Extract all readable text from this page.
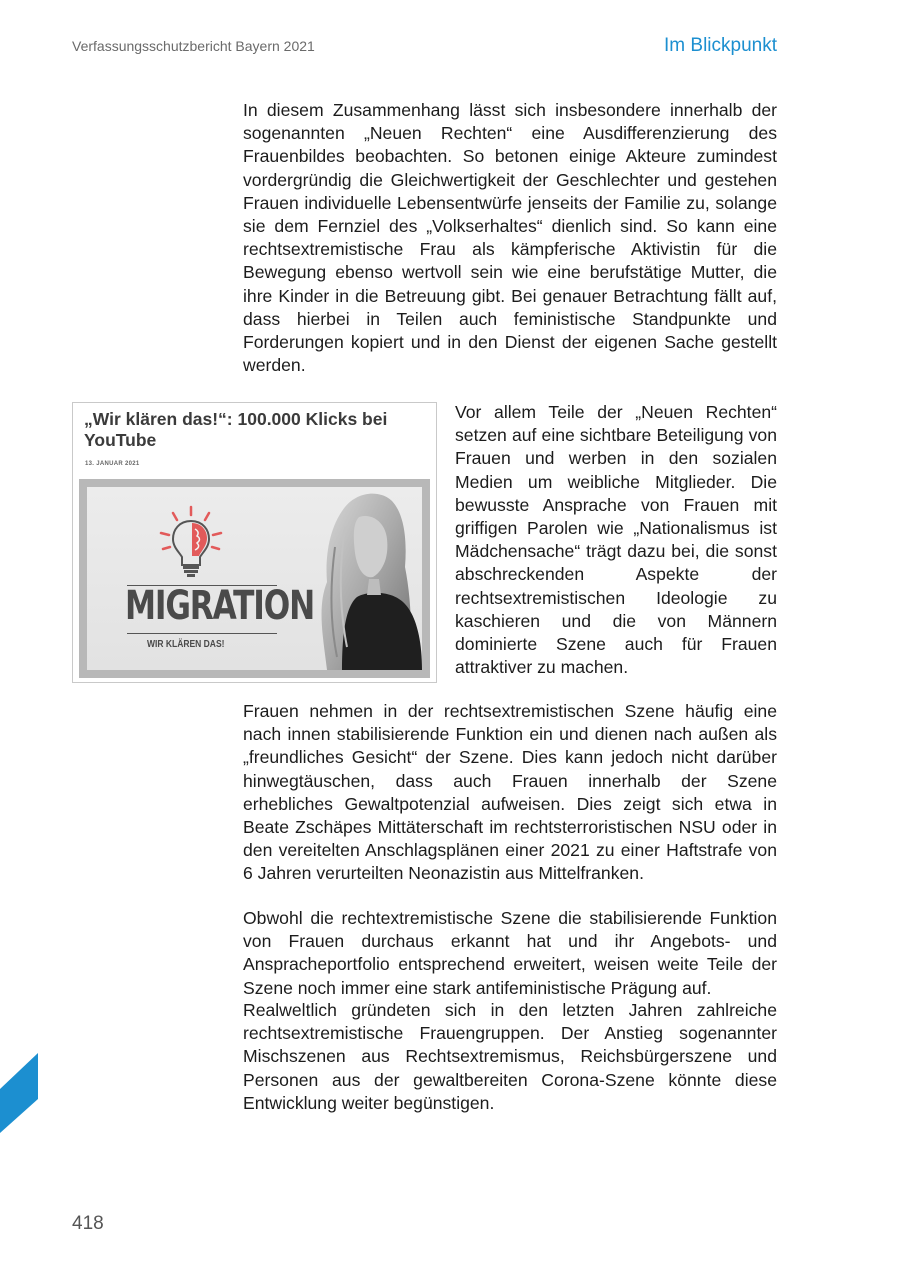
Verfassungsschutzbericht Bayern 2021	Im Blickpunkt

In diesem Zusammenhang lässt sich insbesondere innerhalb der sogenannten „Neuen Rechten“ eine Ausdifferenzierung des Frauenbildes beobachten. So betonen einige Akteure zumindest vordergründig die Gleichwertigkeit der Geschlechter und gestehen Frauen individuelle Lebensentwürfe jenseits der Familie zu, solange sie dem Fernziel des „Volkserhaltes“ dienlich sind. So kann eine rechtsextremistische Frau als kämpferische Aktivistin für die Bewegung ebenso wertvoll sein wie eine berufstätige Mutter, die ihre Kinder in die Betreuung gibt. Bei genauer Betrachtung fällt auf, dass hierbei in Teilen auch feministische Standpunkte und Forderungen kopiert und in den Dienst der eigenen Sache gestellt werden.

„Wir klären das!“: 100.000 Klicks bei YouTube
13. JANUAR 2021
MIGRATION
WIR KLÄREN DAS!

Vor allem Teile der „Neuen Rechten“ setzen auf eine sichtbare Beteiligung von Frauen und werben in den sozialen Medien um weibliche Mitglieder. Die bewusste Ansprache von Frauen mit griffigen Parolen wie „Nationalismus ist Mädchensache“ trägt dazu bei, die sonst abschreckenden Aspekte der rechtsextremistischen Ideologie zu kaschieren und die von Männern dominierte Szene auch für Frauen attraktiver zu machen.

Frauen nehmen in der rechtsextremistischen Szene häufig eine nach innen stabilisierende Funktion ein und dienen nach außen als „freundliches Gesicht“ der Szene. Dies kann jedoch nicht darüber hinwegtäuschen, dass auch Frauen innerhalb der Szene erhebliches Gewaltpotenzial aufweisen. Dies zeigt sich etwa in Beate Zschäpes Mittäterschaft im rechtsterroristischen NSU oder in den vereitelten Anschlagsplänen einer 2021 zu einer Haftstrafe von 6 Jahren verurteilten Neonazistin aus Mittelfranken.

Obwohl die rechtextremistische Szene die stabilisierende Funktion von Frauen durchaus erkannt hat und ihr Angebots- und Anspracheportfolio entsprechend erweitert, weisen weite Teile der Szene noch immer eine stark antifeministische Prägung auf.

Realweltlich gründeten sich in den letzten Jahren zahlreiche rechtsextremistische Frauengruppen. Der Anstieg sogenannter Mischszenen aus Rechtsextremismus, Reichsbürgerszene und Personen aus der gewaltbereiten Corona-Szene könnte diese Entwicklung weiter begünstigen.

418
